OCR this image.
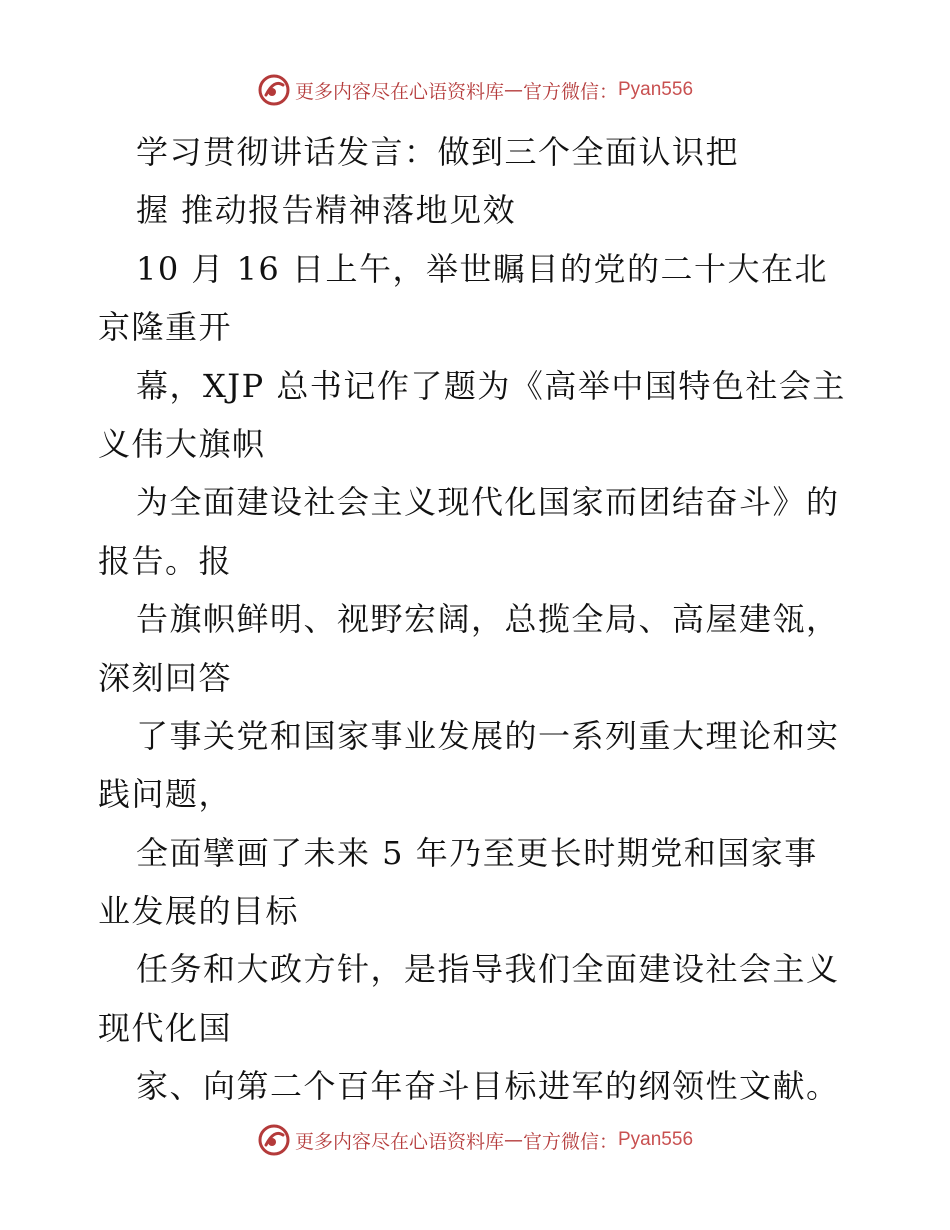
更多内容尽在心语资料库 — 官方微信： Pyan556
学习贯彻讲话发言：做到三个全面认识把
握 推动报告精神落地见效
10 月 16 日上午，举世瞩目的党的二十大在北
京隆重开
幕，XJP 总书记作了题为《高举中国特色社会主
义伟大旗帜
为全面建设社会主义现代化国家而团结奋斗》的
报告。报
告旗帜鲜明、视野宏阔，总揽全局、高屋建瓴，
深刻回答
了事关党和国家事业发展的一系列重大理论和实
践问题，
全面擘画了未来 5 年乃至更长时期党和国家事
业发展的目标
任务和大政方针，是指导我们全面建设社会主义
现代化国
家、向第二个百年奋斗目标进军的纲领性文献。
更多内容尽在心语资料库 — 官方微信： Pyan556
